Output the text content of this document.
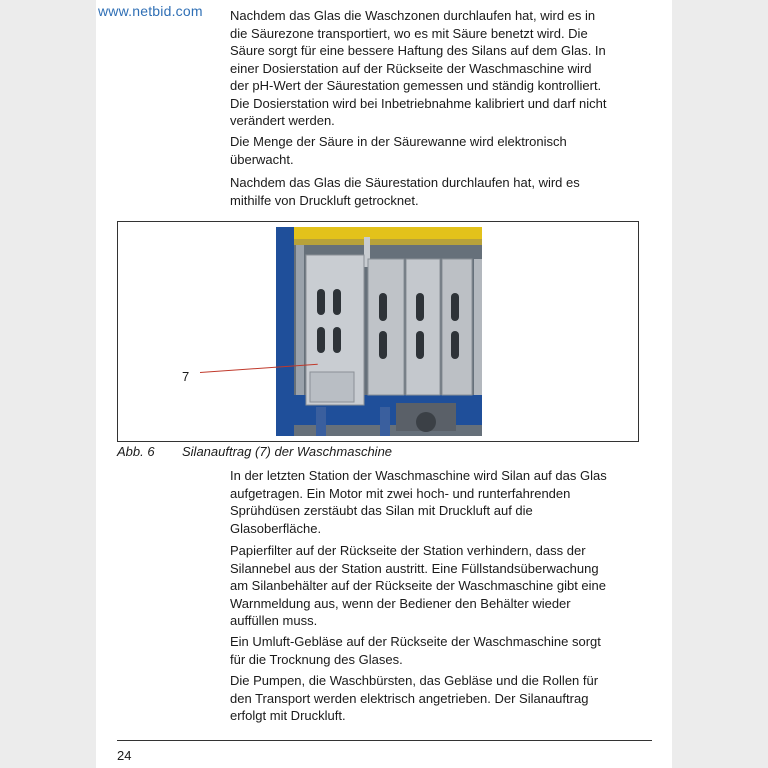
www.netbid.com Nachdem das Glas die Waschzonen durchlaufen hat, wird es in
die Säurezone transportiert, wo es mit Säure benetzt wird. Die
Säure sorgt für eine bessere Haftung des Silans auf dem Glas. In
einer Dosierstation auf der Rückseite der Waschmaschine wird
der pH-Wert der Säurestation gemessen und ständig kontrolliert.
Die Dosierstation wird bei Inbetriebnahme kalibriert und darf nicht
verändert werden.
Die Menge der Säure in der Säurewanne wird elektronisch
überwacht.
Nachdem das Glas die Säurestation durchlaufen hat, wird es
mithilfe von Druckluft getrocknet.
7
Abb. 6 Silanauftrag (7) der Waschmaschine
In der letzten Station der Waschmaschine wird Silan auf das Glas
aufgetragen. Ein Motor mit zwei hoch- und runterfahrenden
Sprühdüsen zerstäubt das Silan mit Druckluft auf die
Glasoberfläche.
Papierfilter auf der Rückseite der Station verhindern, dass der
Silannebel aus der Station austritt. Eine Füllstandsüberwachung
am Silanbehälter auf der Rückseite der Waschmaschine gibt eine
Warnmeldung aus, wenn der Bediener den Behälter wieder
auffüllen muss.
Ein Umluft-Gebläse auf der Rückseite der Waschmaschine sorgt
für die Trocknung des Glases.
Die Pumpen, die Waschbürsten, das Gebläse und die Rollen für
den Transport werden elektrisch angetrieben. Der Silanauftrag
erfolgt mit Druckluft.
24
